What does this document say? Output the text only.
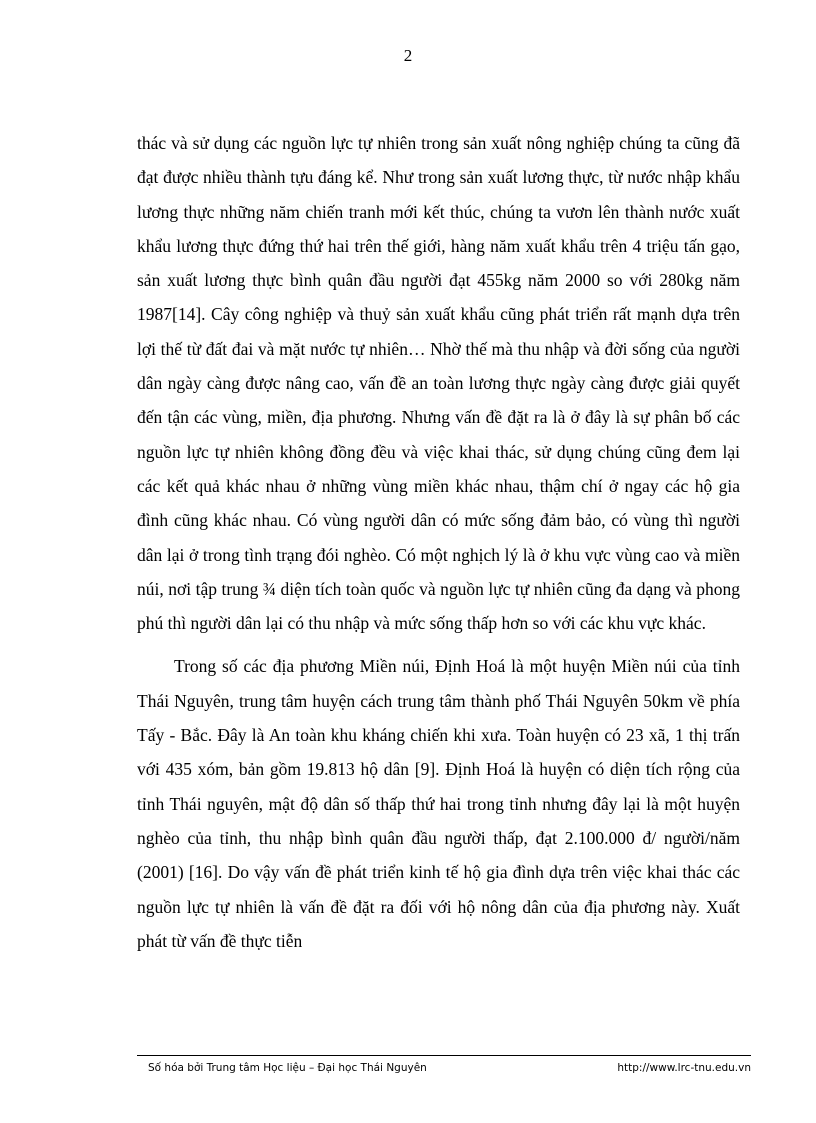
2

thác và sử dụng các nguồn lực tự nhiên trong sản xuất nông nghiệp chúng ta cũng đã đạt được nhiều thành tựu đáng kể. Như trong sản xuất lương thực, từ nước nhập khẩu lương thực những năm chiến tranh mới kết thúc, chúng ta vươn lên thành nước xuất khẩu lương thực đứng thứ hai trên thế giới, hàng năm xuất khẩu trên 4 triệu tấn gạo, sản xuất lương thực bình quân đầu người đạt 455kg năm 2000 so với 280kg năm 1987[14]. Cây công nghiệp và thuỷ sản xuất khẩu cũng phát triển rất mạnh dựa trên lợi thế từ đất đai và mặt nước tự nhiên… Nhờ thế mà thu nhập và đời sống của người dân ngày càng được nâng cao, vấn đề an toàn lương thực ngày càng được giải quyết đến tận các vùng, miền, địa phương. Nhưng vấn đề đặt ra là ở đây là sự phân bố các nguồn lực tự nhiên không đồng đều và việc khai thác, sử dụng chúng cũng đem lại các kết quả khác nhau ở những vùng miền khác nhau, thậm chí ở ngay các hộ gia đình cũng khác nhau. Có vùng người dân có mức sống đảm bảo, có vùng thì người dân lại ở trong tình trạng đói nghèo. Có một nghịch lý là ở khu vực vùng cao và miền núi, nơi tập trung ¾ diện tích toàn quốc và nguồn lực tự nhiên cũng đa dạng và phong phú thì người dân lại có thu nhập và mức sống thấp hơn so với các khu vực khác.

Trong số các địa phương Miền núi, Định Hoá là một huyện Miền núi của tỉnh Thái Nguyên, trung tâm huyện cách trung tâm thành phố Thái Nguyên 50km về phía Tấy - Bắc. Đây là An toàn khu kháng chiến khi xưa. Toàn huyện có 23 xã, 1 thị trấn với 435 xóm, bản gồm 19.813 hộ dân [9]. Định Hoá là huyện có diện tích rộng của tỉnh Thái nguyên, mật độ dân số thấp thứ hai trong tỉnh nhưng đây lại là một huyện nghèo của tỉnh, thu nhập bình quân đầu người thấp, đạt 2.100.000 đ/ người/năm (2001) [16]. Do vậy vấn đề phát triển kinh tế hộ gia đình dựa trên việc khai thác các nguồn lực tự nhiên là vấn đề đặt ra đối với hộ nông dân của địa phương này. Xuất phát từ vấn đề thực tiễn

Số hóa bởi Trung tâm Học liệu – Đại học Thái Nguyên	http://www.lrc-tnu.edu.vn
